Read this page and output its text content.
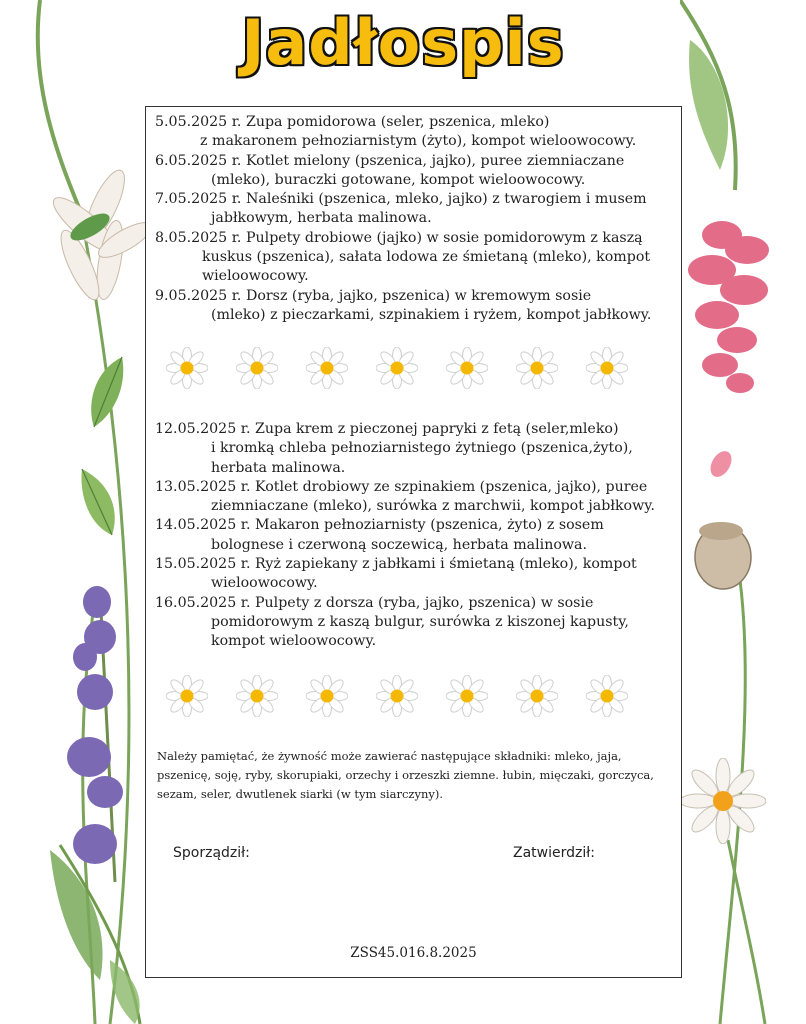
Jadłospis
5.05.2025 r. Zupa pomidorowa (seler, pszenica, mleko)
z makaronem pełnoziarnistym (żyto), kompot wieloowocowy.
6.05.2025 r. Kotlet mielony (pszenica, jajko), puree ziemniaczane
(mleko), buraczki gotowane, kompot wieloowocowy.
7.05.2025 r. Naleśniki (pszenica, mleko, jajko) z twarogiem i musem
jabłkowym, herbata malinowa.
8.05.2025 r. Pulpety drobiowe (jajko) w sosie pomidorowym z kaszą
kuskus (pszenica), sałata lodowa ze śmietaną (mleko), kompot wieloowocowy.
9.05.2025 r. Dorsz (ryba, jajko, pszenica) w kremowym sosie
(mleko) z pieczarkami, szpinakiem i ryżem, kompot jabłkowy.
12.05.2025 r. Zupa krem z pieczonej papryki z fetą (seler,mleko)
i kromką chleba pełnoziarnistego żytniego (pszenica,żyto), herbata malinowa.
13.05.2025 r. Kotlet drobiowy ze szpinakiem (pszenica, jajko), puree
ziemniaczane (mleko), surówka z marchwii, kompot jabłkowy.
14.05.2025 r. Makaron pełnoziarnisty (pszenica, żyto) z sosem
bolognese i czerwoną soczewicą, herbata malinowa.
15.05.2025 r. Ryż zapiekany z jabłkami i śmietaną (mleko), kompot
wieloowocowy.
16.05.2025 r. Pulpety z dorsza (ryba, jajko, pszenica) w sosie
pomidorowym z kaszą bulgur, surówka z kiszonej kapusty, kompot wieloowocowy.
Należy pamiętać, że żywność może zawierać następujące składniki: mleko, jaja, pszenicę, soję, ryby, skorupiaki, orzechy i orzeszki ziemne. łubin, mięczaki, gorczyca, sezam, seler, dwutlenek siarki (w tym siarczyny).
Sporządził:	Zatwierdził:
ZSS45.016.8.2025
